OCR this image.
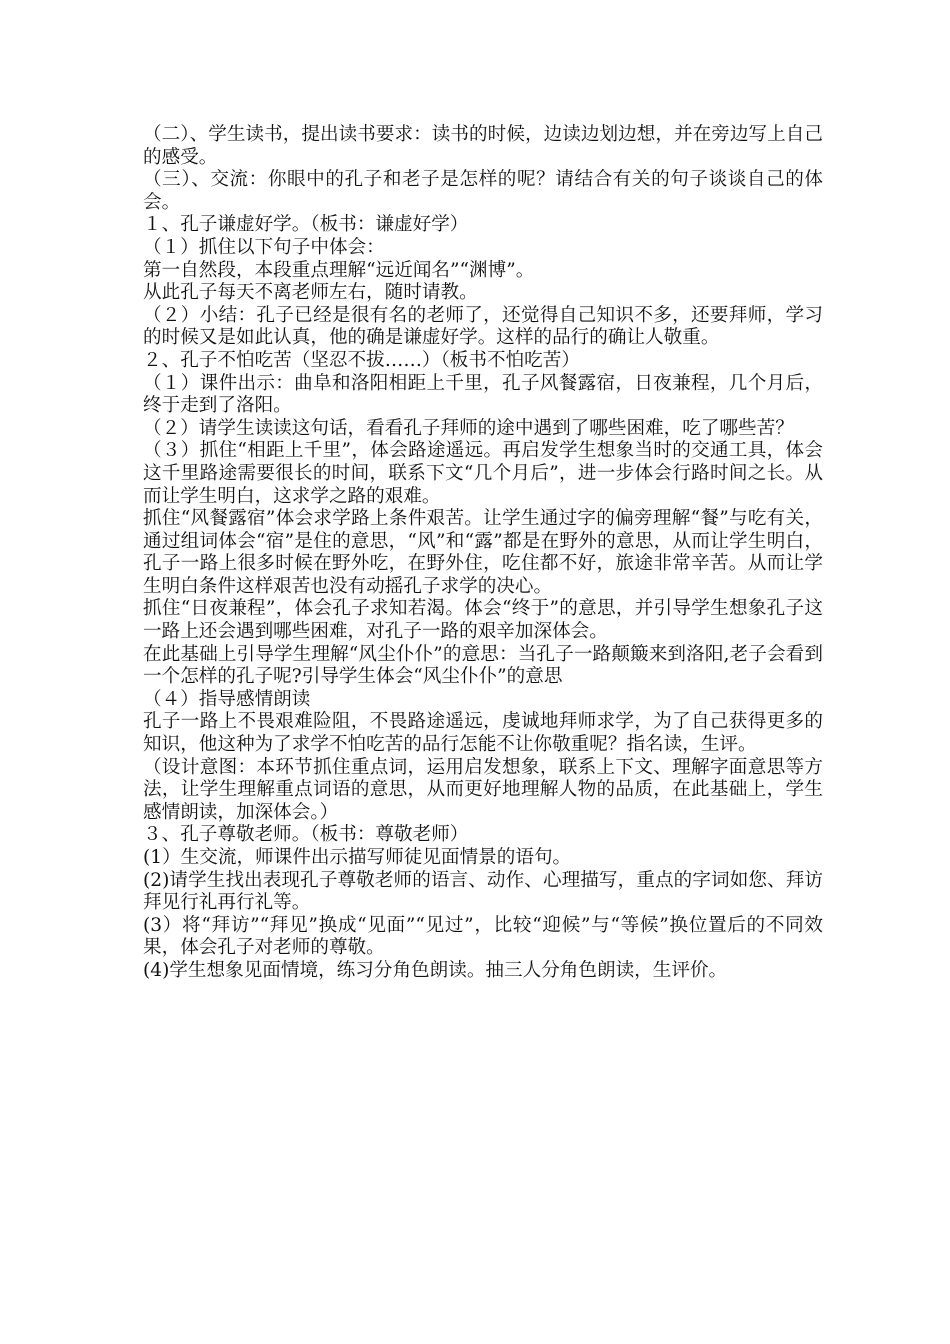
（二）、学生读书，提出读书要求：读书的时候，边读边划边想，并在旁边写上自己的感受。

（三）、交流：你眼中的孔子和老子是怎样的呢？请结合有关的句子谈谈自己的体会。

１、孔子谦虚好学。（板书：谦虚好学）

（１）抓住以下句子中体会：

第一自然段，本段重点理解“远近闻名”“渊博”。

从此孔子每天不离老师左右，随时请教。

（２）小结：孔子已经是很有名的老师了，还觉得自己知识不多，还要拜师，学习的时候又是如此认真，他的确是谦虚好学。这样的品行的确让人敬重。

２、孔子不怕吃苦（坚忍不拔……）（板书不怕吃苦）

（１）课件出示：曲阜和洛阳相距上千里，孔子风餐露宿，日夜兼程，几个月后，终于走到了洛阳。

（２）请学生读读这句话，看看孔子拜师的途中遇到了哪些困难，吃了哪些苦？

（３）抓住“相距上千里”，体会路途遥远。再启发学生想象当时的交通工具，体会这千里路途需要很长的时间，联系下文“几个月后”，进一步体会行路时间之长。从而让学生明白，这求学之路的艰难。

抓住“风餐露宿”体会求学路上条件艰苦。让学生通过字的偏旁理解“餐”与吃有关，通过组词体会“宿”是住的意思，“风”和“露”都是在野外的意思，从而让学生明白，孔子一路上很多时候在野外吃，在野外住，吃住都不好，旅途非常辛苦。从而让学生明白条件这样艰苦也没有动摇孔子求学的决心。

抓住“日夜兼程”，体会孔子求知若渴。体会“终于”的意思，并引导学生想象孔子这一路上还会遇到哪些困难，对孔子一路的艰辛加深体会。

在此基础上引导学生理解“风尘仆仆”的意思：当孔子一路颠簸来到洛阳,老子会看到一个怎样的孔子呢?引导学生体会“风尘仆仆”的意思

（４）指导感情朗读

孔子一路上不畏艰难险阻，不畏路途遥远，虔诚地拜师求学，为了自己获得更多的知识，他这种为了求学不怕吃苦的品行怎能不让你敬重呢？指名读，生评。

（设计意图：本环节抓住重点词，运用启发想象，联系上下文、理解字面意思等方法，让学生理解重点词语的意思，从而更好地理解人物的品质，在此基础上，学生感情朗读，加深体会。）

３、孔子尊敬老师。（板书：尊敬老师）

(1）生交流，师课件出示描写师徒见面情景的语句。

(2)请学生找出表现孔子尊敬老师的语言、动作、心理描写，重点的字词如您、拜访　拜见行礼再行礼等。

(3）将“拜访”“拜见”换成“见面”“见过”，比较“迎候”与“等候”换位置后的不同效果，体会孔子对老师的尊敬。

(4)学生想象见面情境，练习分角色朗读。抽三人分角色朗读，生评价。
